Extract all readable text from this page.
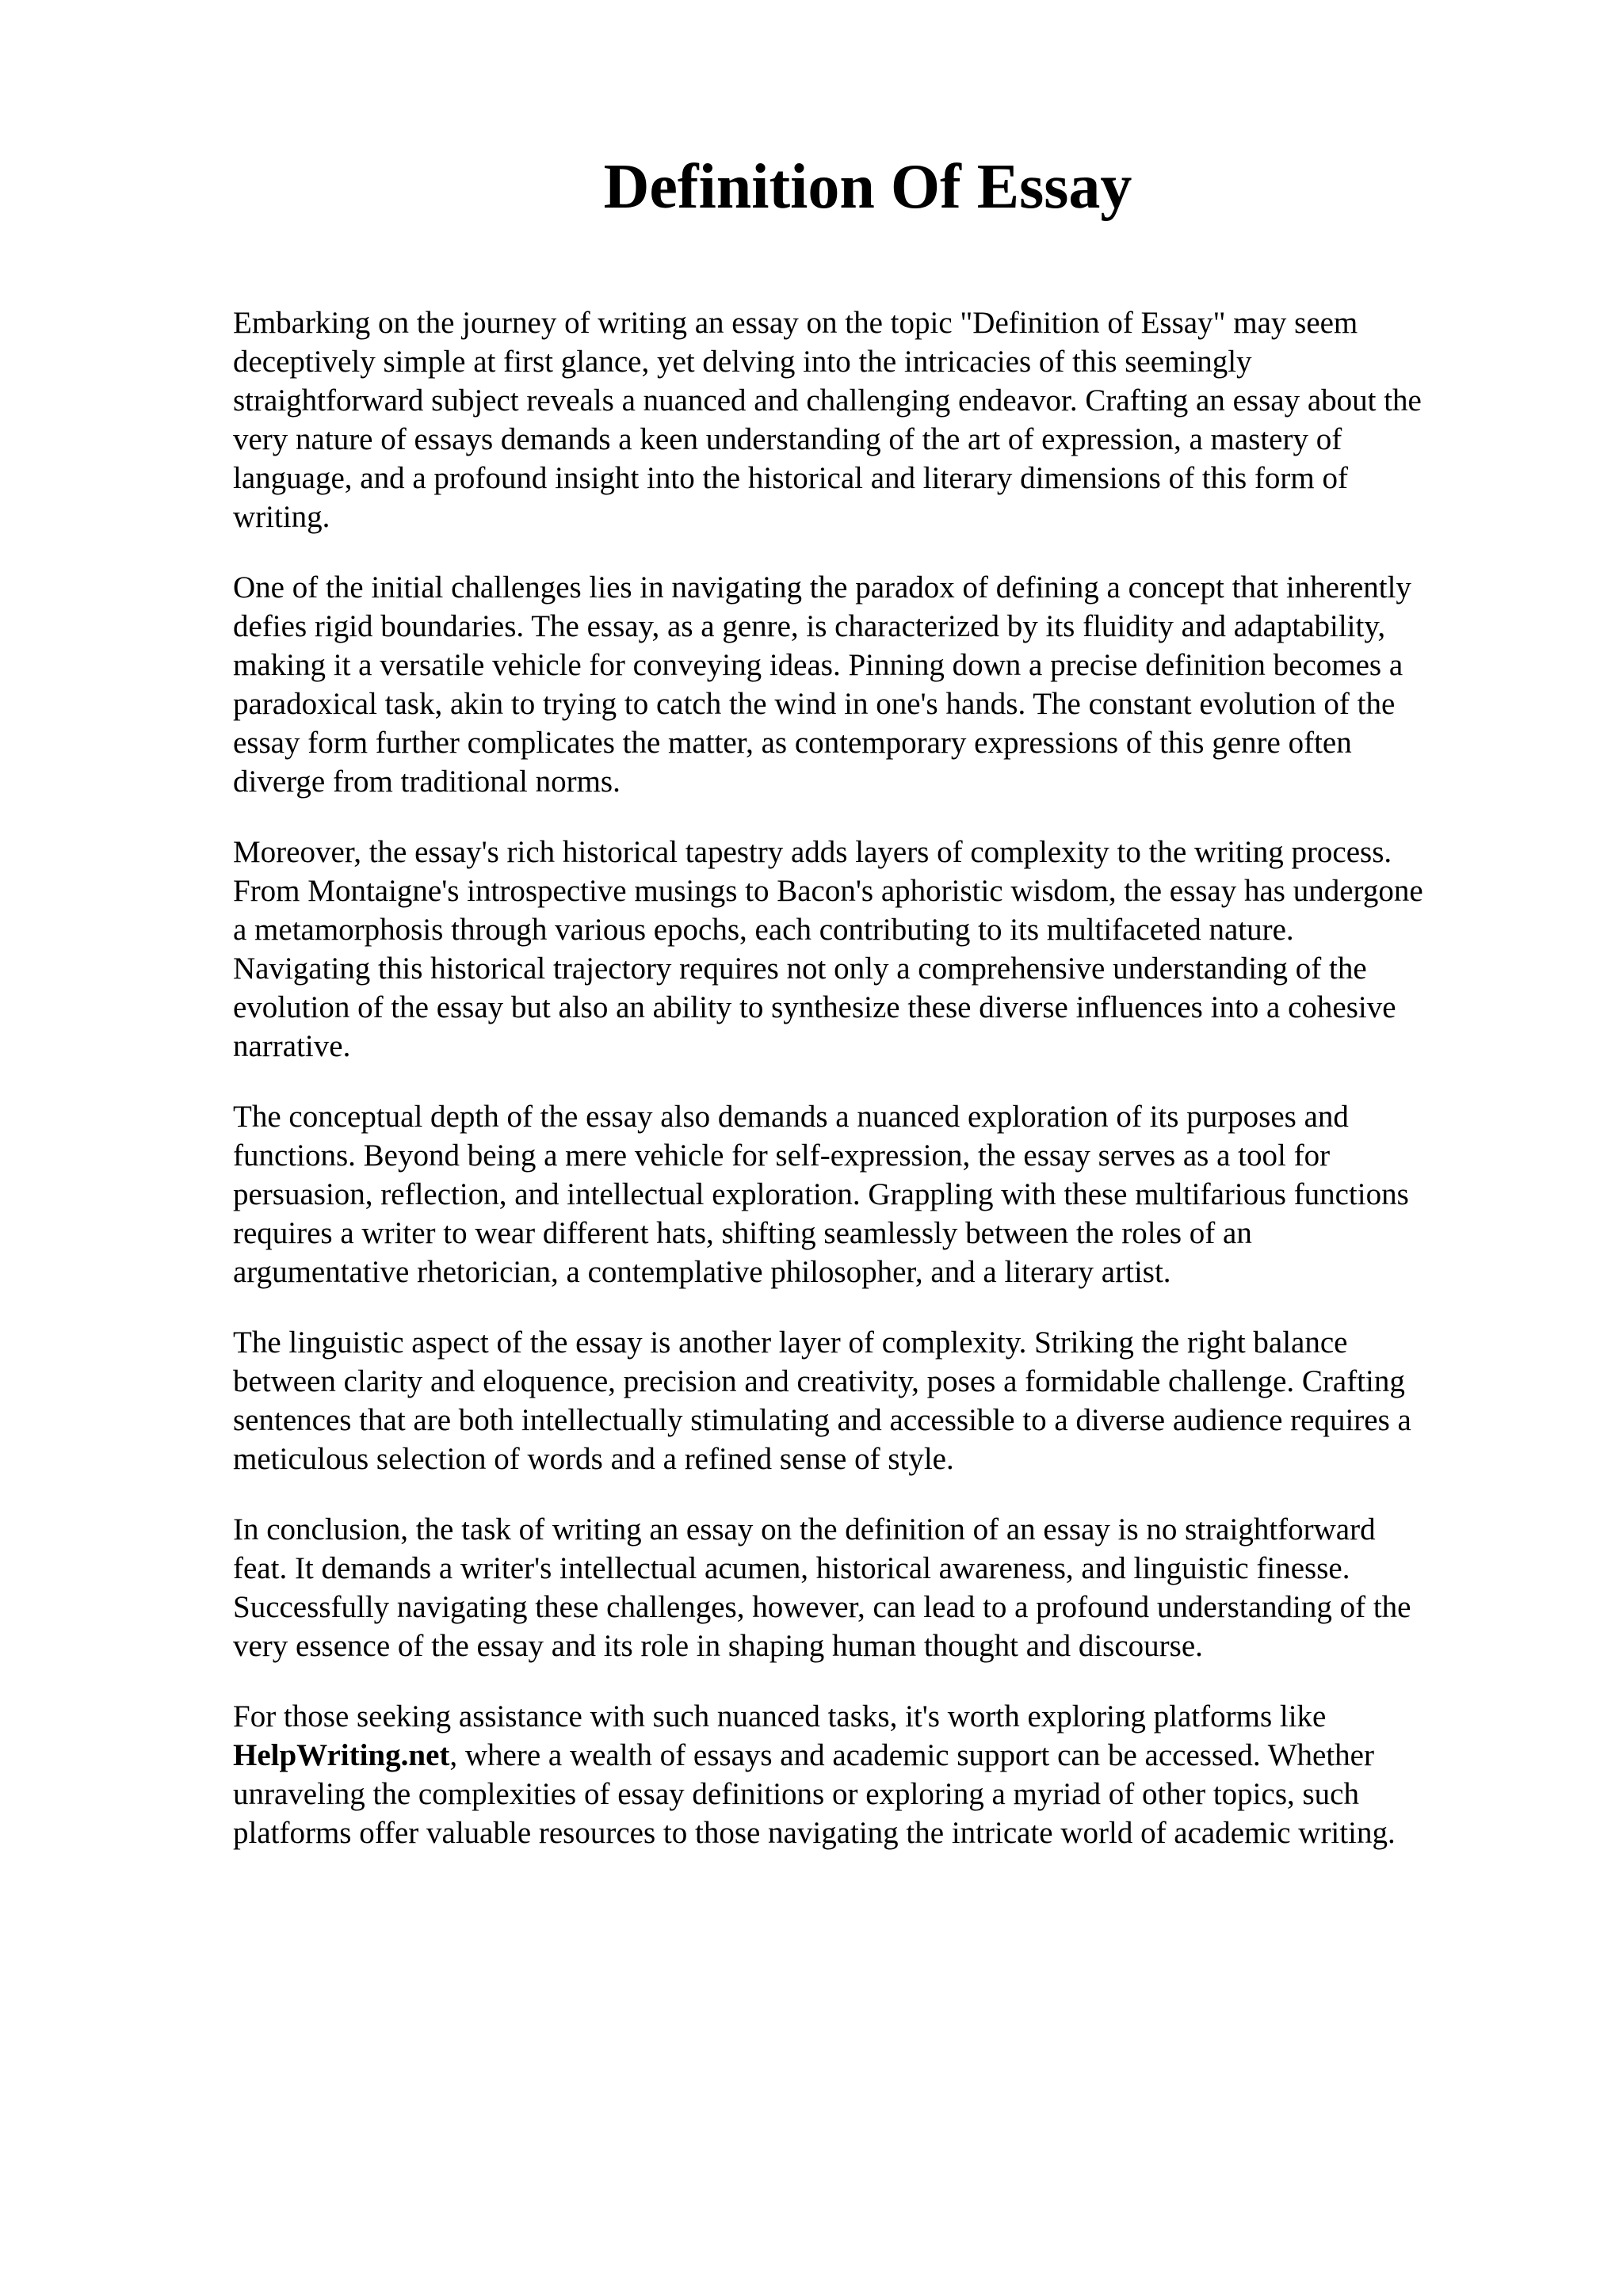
Definition Of Essay

Embarking on the journey of writing an essay on the topic "Definition of Essay" may seem
deceptively simple at first glance, yet delving into the intricacies of this seemingly
straightforward subject reveals a nuanced and challenging endeavor. Crafting an essay about the
very nature of essays demands a keen understanding of the art of expression, a mastery of
language, and a profound insight into the historical and literary dimensions of this form of
writing.

One of the initial challenges lies in navigating the paradox of defining a concept that inherently
defies rigid boundaries. The essay, as a genre, is characterized by its fluidity and adaptability,
making it a versatile vehicle for conveying ideas. Pinning down a precise definition becomes a
paradoxical task, akin to trying to catch the wind in one's hands. The constant evolution of the
essay form further complicates the matter, as contemporary expressions of this genre often
diverge from traditional norms.

Moreover, the essay's rich historical tapestry adds layers of complexity to the writing process.
From Montaigne's introspective musings to Bacon's aphoristic wisdom, the essay has undergone
a metamorphosis through various epochs, each contributing to its multifaceted nature.
Navigating this historical trajectory requires not only a comprehensive understanding of the
evolution of the essay but also an ability to synthesize these diverse influences into a cohesive
narrative.

The conceptual depth of the essay also demands a nuanced exploration of its purposes and
functions. Beyond being a mere vehicle for self-expression, the essay serves as a tool for
persuasion, reflection, and intellectual exploration. Grappling with these multifarious functions
requires a writer to wear different hats, shifting seamlessly between the roles of an
argumentative rhetorician, a contemplative philosopher, and a literary artist.

The linguistic aspect of the essay is another layer of complexity. Striking the right balance
between clarity and eloquence, precision and creativity, poses a formidable challenge. Crafting
sentences that are both intellectually stimulating and accessible to a diverse audience requires a
meticulous selection of words and a refined sense of style.

In conclusion, the task of writing an essay on the definition of an essay is no straightforward
feat. It demands a writer's intellectual acumen, historical awareness, and linguistic finesse.
Successfully navigating these challenges, however, can lead to a profound understanding of the
very essence of the essay and its role in shaping human thought and discourse.

For those seeking assistance with such nuanced tasks, it's worth exploring platforms like
HelpWriting.net, where a wealth of essays and academic support can be accessed. Whether
unraveling the complexities of essay definitions or exploring a myriad of other topics, such
platforms offer valuable resources to those navigating the intricate world of academic writing.
